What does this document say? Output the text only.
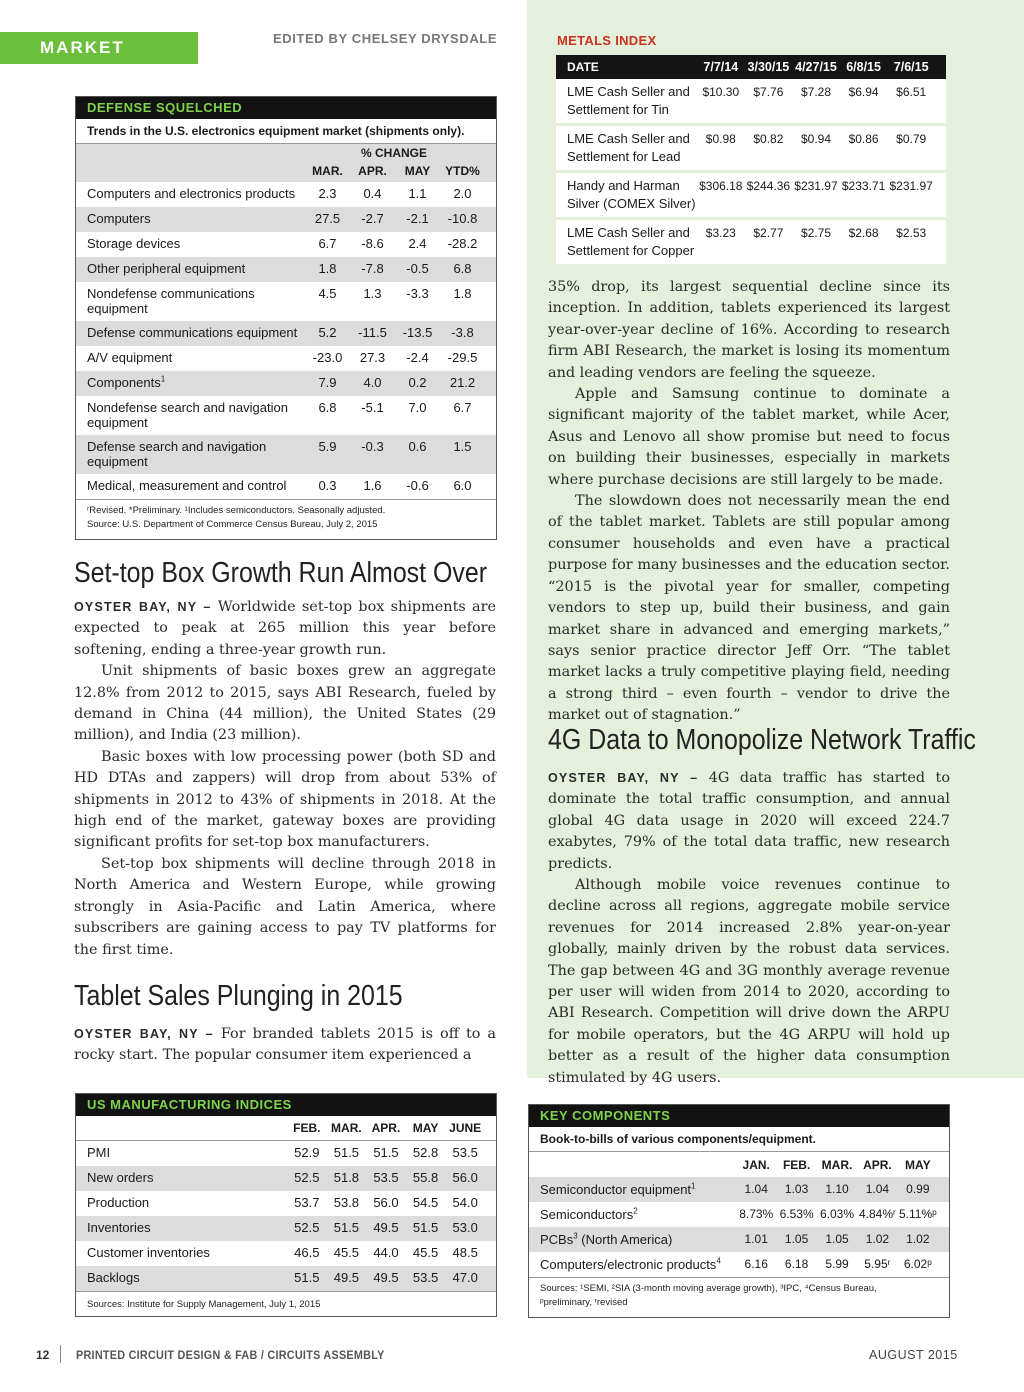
MARKET WATCH
EDITED BY CHELSEY DRYSDALE
DEFENSE SQUELCHED
Trends in the U.S. electronics equipment market (shipments only).
% CHANGE
MAR.	APR.	MAY	YTD%
Computers and electronics products	2.3	0.4	1.1	2.0
Computers	27.5	-2.7	-2.1	-10.8
Storage devices	6.7	-8.6	2.4	-28.2
Other peripheral equipment	1.8	-7.8	-0.5	6.8
Nondefense communications equipment
4.5	1.3	-3.3	1.8
Defense communications equipment	5.2	-11.5	-13.5	-3.8
A/V equipment	-23.0	27.3	-2.4	-29.5
Components$^1$	7.9	4.0	0.2	21.2
Nondefense search and navigation equipment
6.8	-5.1	7.0	6.7
Defense search and navigation equipment
5.9	-0.3	0.6	1.5
Medical, measurement and control	0.3	1.6	-0.6	6.0
ʳRevised. *Preliminary. ¹Includes semiconductors. Seasonally adjusted.
Source: U.S. Department of Commerce Census Bureau, July 2, 2015
METALS INDEX
DATE	7/7/14 3/30/15 4/27/15 6/8/15	7/6/15
LME Cash Seller and Settlement for Tin
$10.30	$7.76	$7.28	$6.94	$6.51
LME Cash Seller and Settlement for Lead
$0.98	$0.82	$0.94	$0.86	$0.79
Handy and Harman Silver (COMEX Silver)
$306.18 $244.36 $231.97 $233.71 $231.97
LME Cash Seller and Settlement for Copper
$3.23	$2.77	$2.75	$2.68	$2.53
Set-top Box Growth Run Almost Over

OYSTER BAY, NY – Worldwide set-top box shipments are expected to peak at 265 million this year before softening, ending a three-year growth run.

Unit shipments of basic boxes grew an aggregate 12.8% from 2012 to 2015, says ABI Research, fueled by demand in China (44 million), the United States (29 million), and India (23 million).

Basic boxes with low processing power (both SD and HD DTAs and zappers) will drop from about 53% of shipments in 2012 to 43% of shipments in 2018. At the high end of the market, gateway boxes are providing significant profits for set-top box manufacturers.

Set-top box shipments will decline through 2018 in North America and Western Europe, while growing strongly in Asia-Pacific and Latin America, where subscribers are gaining access to pay TV platforms for the first time.

Tablet Sales Plunging in 2015

OYSTER BAY, NY – For branded tablets 2015 is off to a rocky start. The popular consumer item experienced a

35% drop, its largest sequential decline since its inception. In addition, tablets experienced its largest year-over-year decline of 16%. According to research firm ABI Research, the market is losing its momentum and leading vendors are feeling the squeeze.

Apple and Samsung continue to dominate a significant majority of the tablet market, while Acer, Asus and Lenovo all show promise but need to focus on building their businesses, especially in markets where purchase decisions are still largely to be made.

The slowdown does not necessarily mean the end of the tablet market. Tablets are still popular among consumer households and even have a practical purpose for many businesses and the education sector. “2015 is the pivotal year for smaller, competing vendors to step up, build their business, and gain market share in advanced and emerging markets,” says senior practice director Jeff Orr. “The tablet market lacks a truly competitive playing field, needing a strong third – even fourth – vendor to drive the market out of stagnation.”

4G Data to Monopolize Network Traffic

OYSTER BAY, NY – 4G data traffic has started to dominate the total traffic consumption, and annual global 4G data usage in 2020 will exceed 224.7 exabytes, 79% of the total data traffic, new research predicts.

Although mobile voice revenues continue to decline across all regions, aggregate mobile service revenues for 2014 increased 2.8% year-on-year globally, mainly driven by the robust data services. The gap between 4G and 3G monthly average revenue per user will widen from 2014 to 2020, according to ABI Research. Competition will drive down the ARPU for mobile operators, but the 4G ARPU will hold up better as a result of the higher data consumption stimulated by 4G users.

US MANUFACTURING INDICES
FEB. MAR. APR.	MAY JUNE
PMI	52.9	51.5	51.5	52.8	53.5
New orders	52.5	51.8	53.5	55.8	56.0
Production	53.7	53.8	56.0	54.5	54.0
Inventories	52.5	51.5	49.5	51.5	53.0
Customer inventories	46.5	45.5	44.0	45.5	48.5
Backlogs	51.5	49.5	49.5	53.5	47.0
Sources: Institute for Supply Management, July 1, 2015
KEY COMPONENTS
Book-to-bills of various components/equipment.
JAN.	FEB. MAR. APR.	MAY
Semiconductor equipment$^1$	1.04	1.03	1.10	1.04	0.99
Semiconductors$^2$	8.73% 6.53% 6.03% 4.84%ʳ 5.11%ᵖ
PCBs$^3$ (North America)	1.01	1.05	1.05	1.02	1.02
Computers/electronic products$^4$	6.16	6.18	5.99	5.95ʳ	6.02ᵖ
Sources: ¹SEMI, ²SIA (3-month moving average growth), ³IPC, ⁴Census Bureau,
ᵖpreliminary, ʳrevised
12 PRINTED CIRCUIT DESIGN & FAB / CIRCUITS ASSEMBLY	AUGUST 2015
